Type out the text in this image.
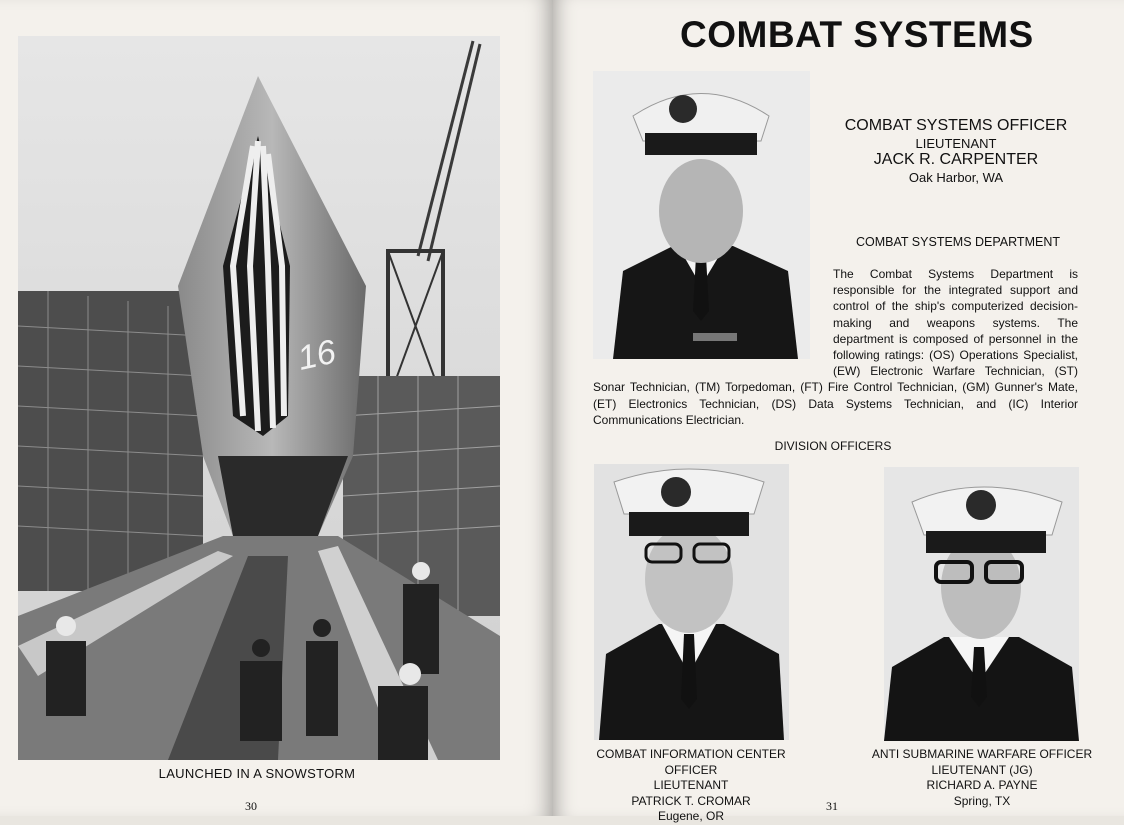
16
LAUNCHED IN A SNOWSTORM
30
COMBAT SYSTEMS
COMBAT SYSTEMS OFFICER
LIEUTENANT
JACK R. CARPENTER
Oak Harbor, WA
COMBAT SYSTEMS DEPARTMENT
The Combat Systems Department is responsible for the integrated support and control of the ship's computerized decision-making and weapons systems. The department is composed of personnel in the following ratings: (OS) Operations Specialist, (EW) Electronic Warfare Technician, (ST) Sonar Technician, (TM) Torpedoman, (FT) Fire Control Technician, (GM) Gunner's Mate, (ET) Electronics Technician, (DS) Data Systems Technician, and (IC) Interior Communications Electrician.
DIVISION OFFICERS
COMBAT INFORMATION CENTER OFFICER
LIEUTENANT
PATRICK T. CROMAR
Eugene, OR
ANTI SUBMARINE WARFARE OFFICER
LIEUTENANT (JG)
RICHARD A. PAYNE
Spring, TX
31
